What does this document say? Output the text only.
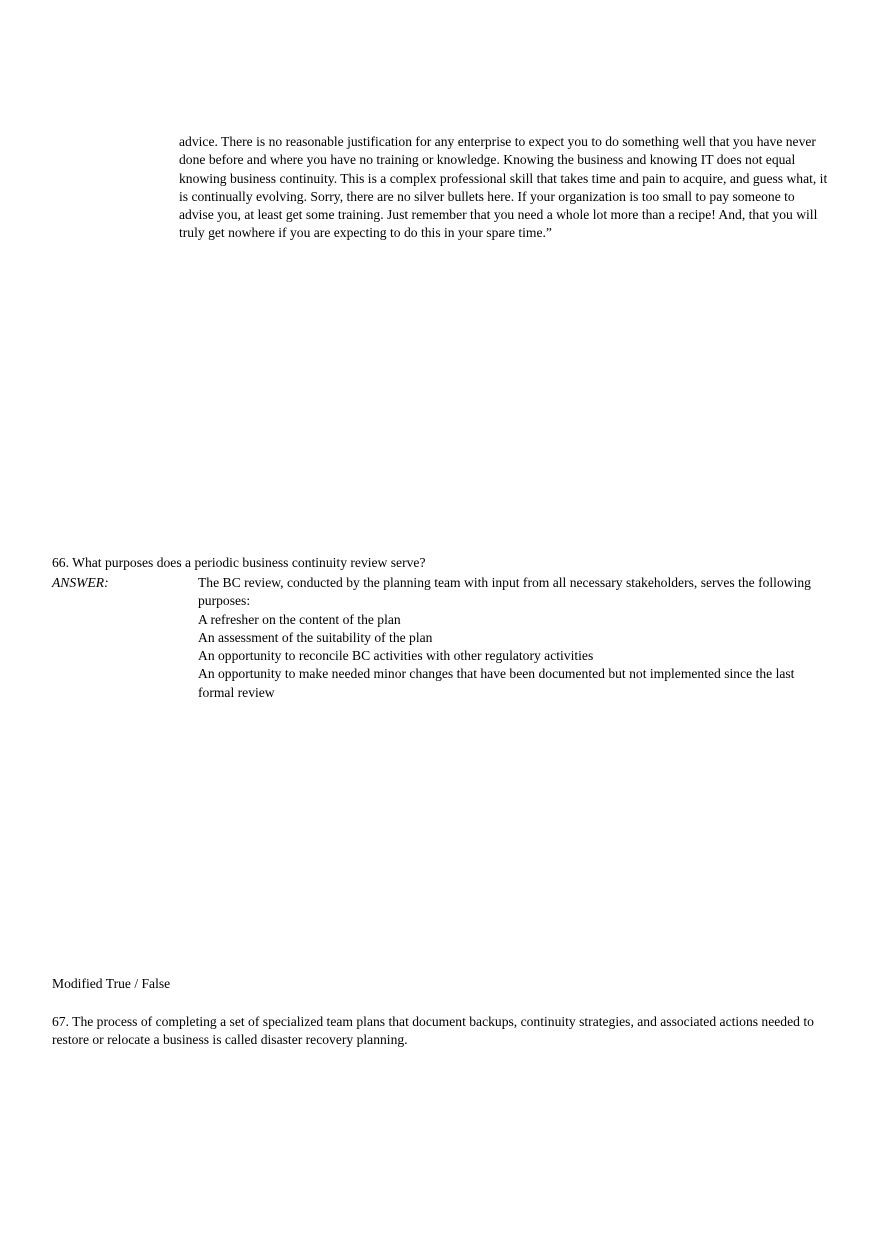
advice. There is no reasonable justification for any enterprise to expect you to do something well that you have never done before and where you have no training or knowledge. Knowing the business and knowing IT does not equal knowing business continuity. This is a complex professional skill that takes time and pain to acquire, and guess what, it is continually evolving. Sorry, there are no silver bullets here. If your organization is too small to pay someone to advise you, at least get some training. Just remember that you need a whole lot more than a recipe! And, that you will truly get nowhere if you are expecting to do this in your spare time.”

66. What purposes does a periodic business continuity review serve?

ANSWER:	The BC review, conducted by the planning team with input from all necessary stakeholders, serves the following purposes:
A refresher on the content of the plan
An assessment of the suitability of the plan
An opportunity to reconcile BC activities with other regulatory activities
An opportunity to make needed minor changes that have been documented but not implemented since the last formal review

Modified True / False

67. The process of completing a set of specialized team plans that document backups, continuity strategies, and associated actions needed to restore or relocate a business is called disaster recovery planning.
